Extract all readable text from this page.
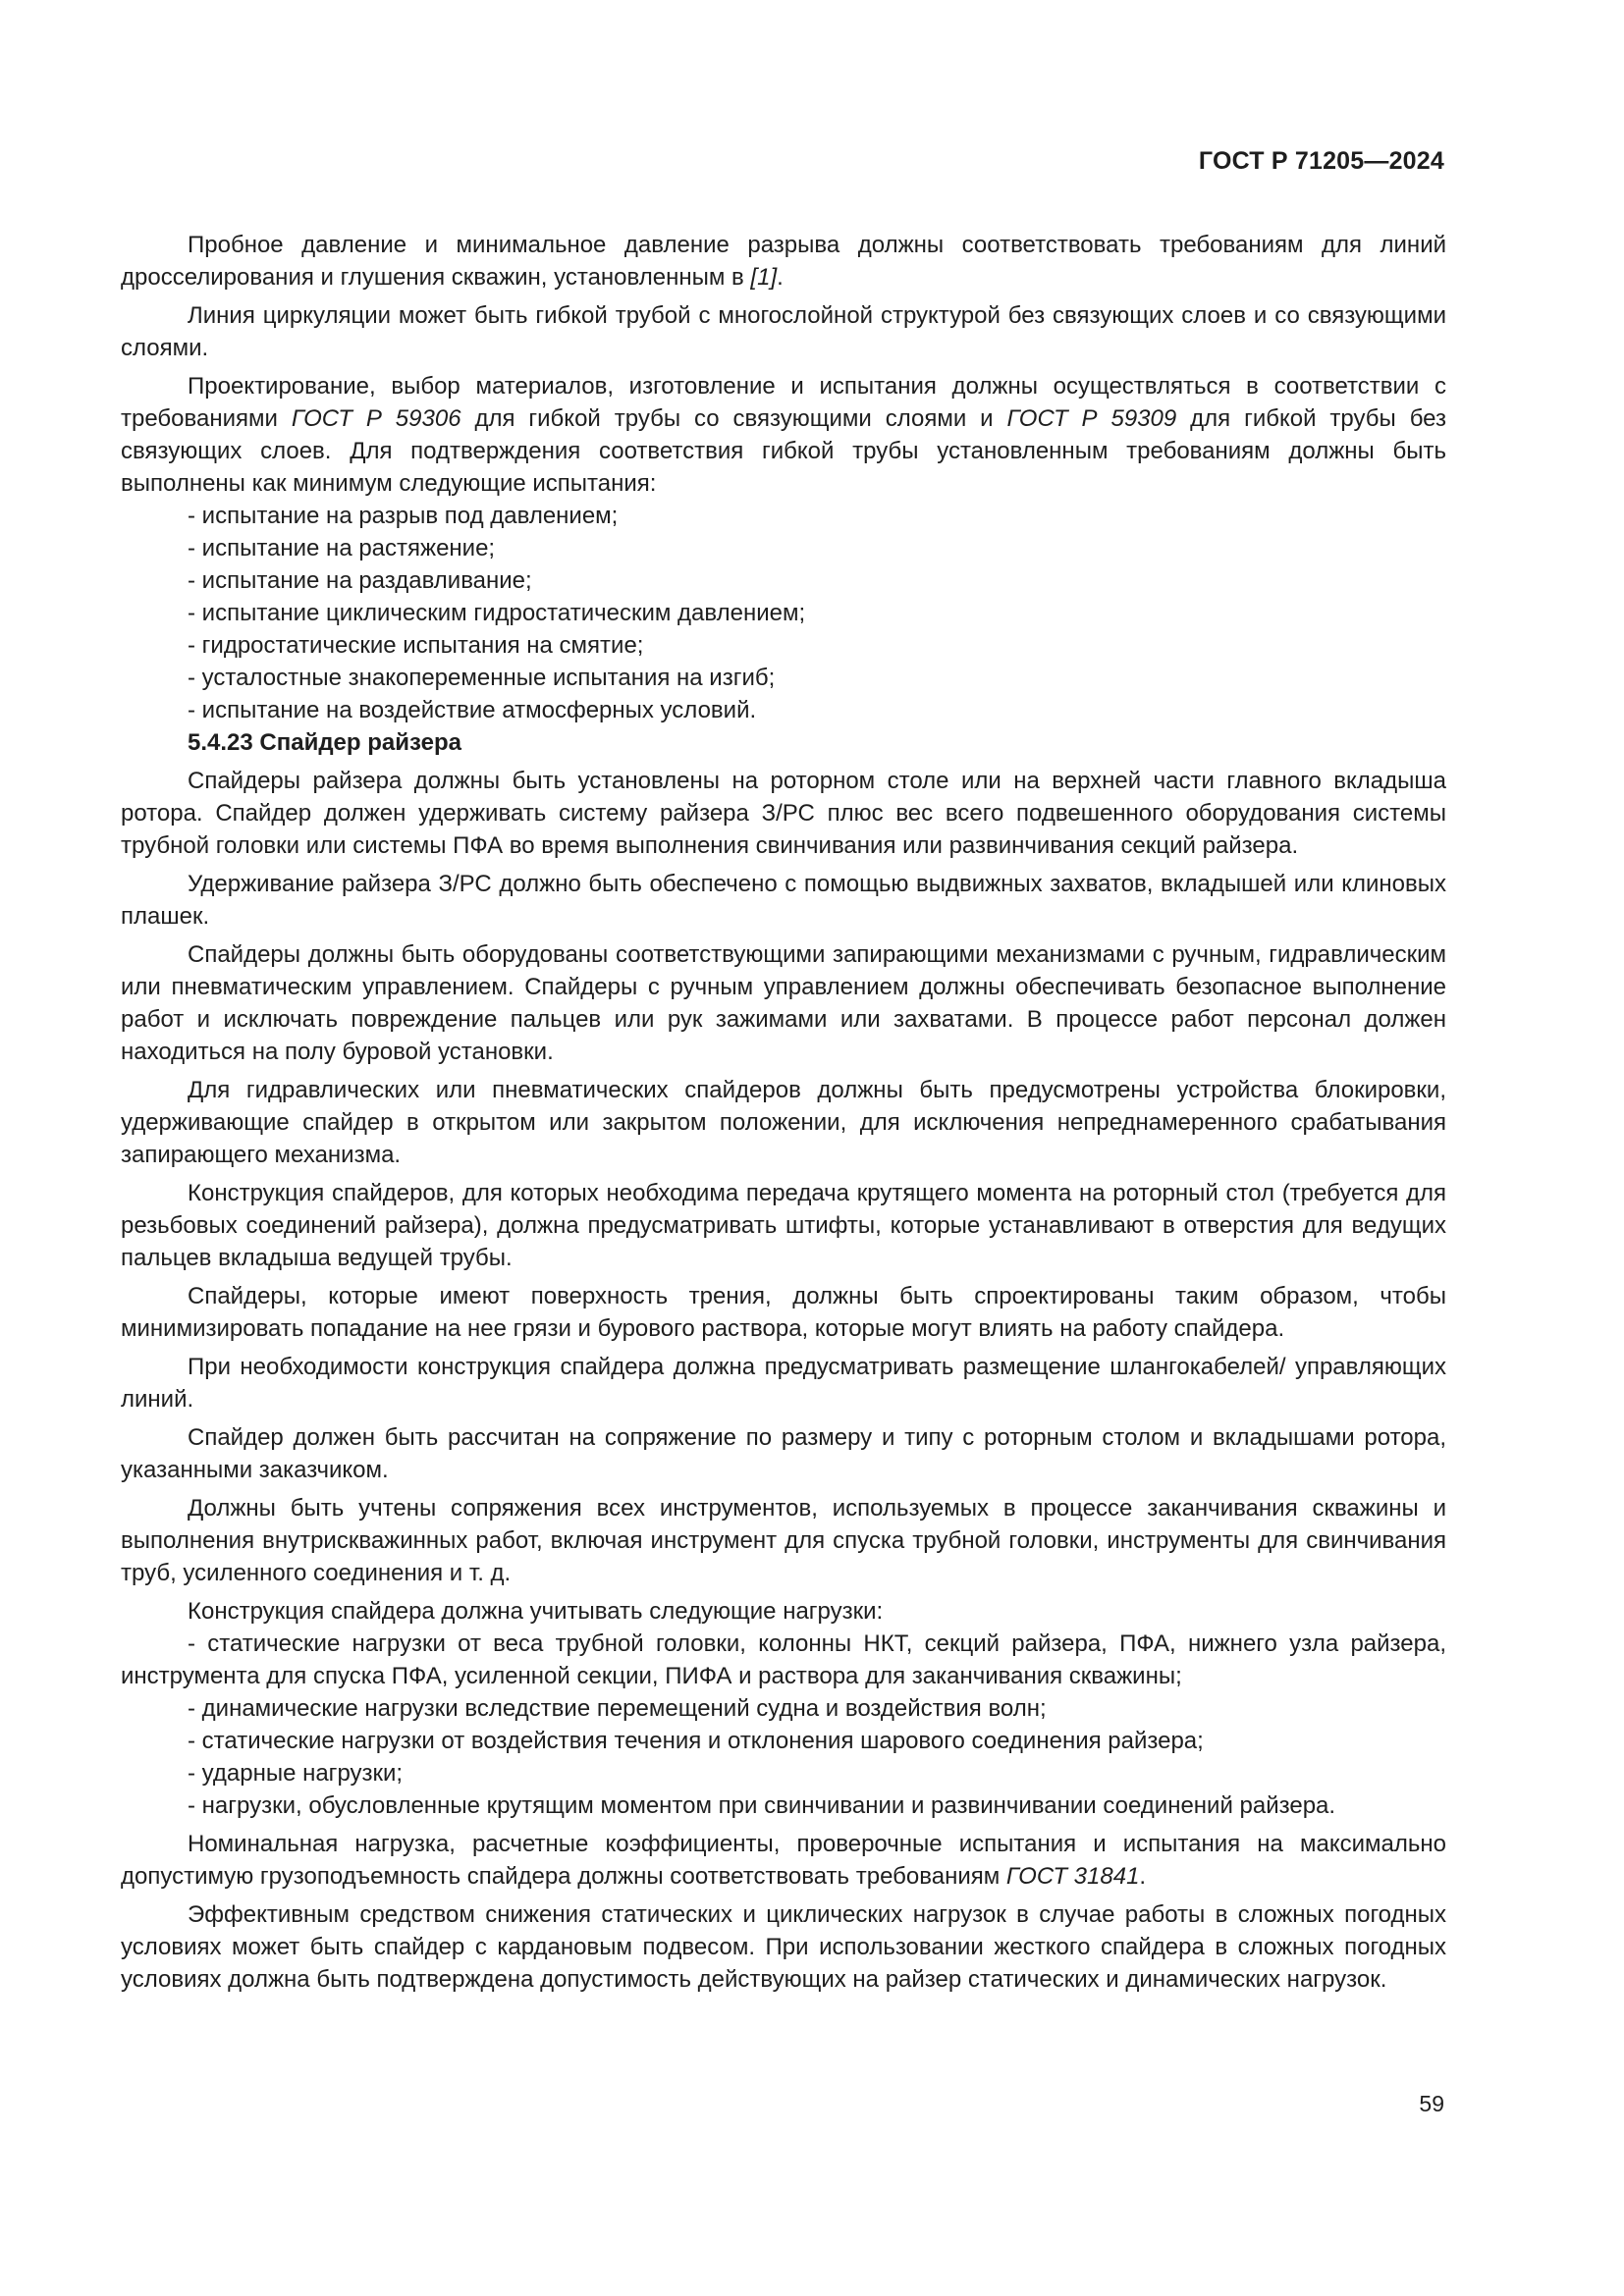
ГОСТ Р 71205—2024

Пробное давление и минимальное давление разрыва должны соответствовать требованиям для линий дросселирования и глушения скважин, установленным в [1].

Линия циркуляции может быть гибкой трубой с многослойной структурой без связующих слоев и со связующими слоями.

Проектирование, выбор материалов, изготовление и испытания должны осуществляться в соответствии с требованиями ГОСТ Р 59306 для гибкой трубы со связующими слоями и ГОСТ Р 59309 для гибкой трубы без связующих слоев. Для подтверждения соответствия гибкой трубы установленным требованиям должны быть выполнены как минимум следующие испытания:

- испытание на разрыв под давлением;

- испытание на растяжение;

- испытание на раздавливание;

- испытание циклическим гидростатическим давлением;

- гидростатические испытания на смятие;

- усталостные знакопеременные испытания на изгиб;

- испытание на воздействие атмосферных условий.

5.4.23 Спайдер райзера

Спайдеры райзера должны быть установлены на роторном столе или на верхней части главного вкладыша ротора. Спайдер должен удерживать систему райзера З/РС плюс вес всего подвешенного оборудования системы трубной головки или системы ПФА во время выполнения свинчивания или развинчивания секций райзера.

Удерживание райзера З/РС должно быть обеспечено с помощью выдвижных захватов, вкладышей или клиновых плашек.

Спайдеры должны быть оборудованы соответствующими запирающими механизмами с ручным, гидравлическим или пневматическим управлением. Спайдеры с ручным управлением должны обеспечивать безопасное выполнение работ и исключать повреждение пальцев или рук зажимами или захватами. В процессе работ персонал должен находиться на полу буровой установки.

Для гидравлических или пневматических спайдеров должны быть предусмотрены устройства блокировки, удерживающие спайдер в открытом или закрытом положении, для исключения непреднамеренного срабатывания запирающего механизма.

Конструкция спайдеров, для которых необходима передача крутящего момента на роторный стол (требуется для резьбовых соединений райзера), должна предусматривать штифты, которые устанавливают в отверстия для ведущих пальцев вкладыша ведущей трубы.

Спайдеры, которые имеют поверхность трения, должны быть спроектированы таким образом, чтобы минимизировать попадание на нее грязи и бурового раствора, которые могут влиять на работу спайдера.

При необходимости конструкция спайдера должна предусматривать размещение шлангокабелей/ управляющих линий.

Спайдер должен быть рассчитан на сопряжение по размеру и типу с роторным столом и вкладышами ротора, указанными заказчиком.

Должны быть учтены сопряжения всех инструментов, используемых в процессе заканчивания скважины и выполнения внутрискважинных работ, включая инструмент для спуска трубной головки, инструменты для свинчивания труб, усиленного соединения и т. д.

Конструкция спайдера должна учитывать следующие нагрузки:

- статические нагрузки от веса трубной головки, колонны НКТ, секций райзера, ПФА, нижнего узла райзера, инструмента для спуска ПФА, усиленной секции, ПИФА и раствора для заканчивания скважины;

- динамические нагрузки вследствие перемещений судна и воздействия волн;

- статические нагрузки от воздействия течения и отклонения шарового соединения райзера;

- ударные нагрузки;

- нагрузки, обусловленные крутящим моментом при свинчивании и развинчивании соединений райзера.

Номинальная нагрузка, расчетные коэффициенты, проверочные испытания и испытания на максимально допустимую грузоподъемность спайдера должны соответствовать требованиям ГОСТ 31841.

Эффективным средством снижения статических и циклических нагрузок в случае работы в сложных погодных условиях может быть спайдер с кардановым подвесом. При использовании жесткого спайдера в сложных погодных условиях должна быть подтверждена допустимость действующих на райзер статических и динамических нагрузок.

59
